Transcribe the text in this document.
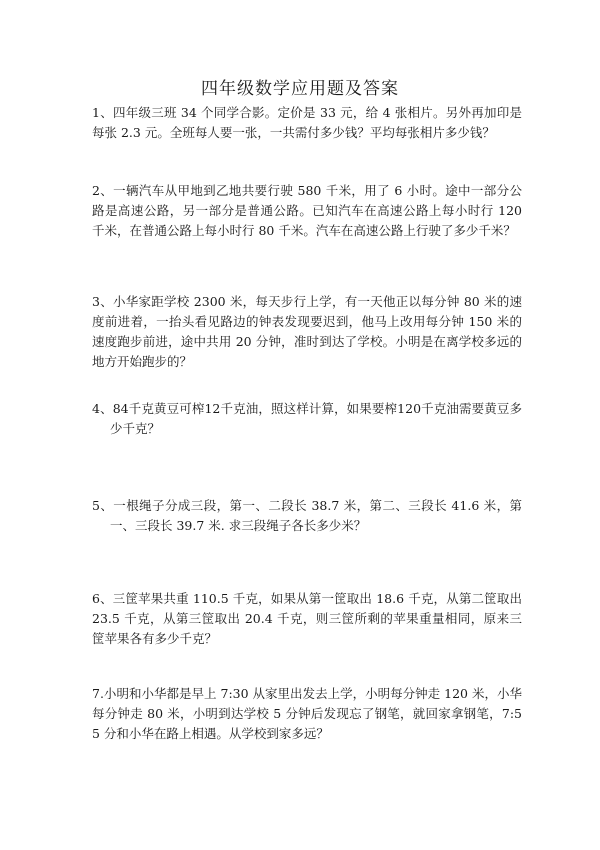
四年级数学应用题及答案
1、四年级三班 34 个同学合影。定价是 33 元，给 4 张相片。另外再加印是每张 2.3 元。全班每人要一张，一共需付多少钱？平均每张相片多少钱？
2、一辆汽车从甲地到乙地共要行驶 580 千米，用了 6 小时。途中一部分公路是高速公路，另一部分是普通公路。已知汽车在高速公路上每小时行 120 千米，在普通公路上每小时行 80 千米。汽车在高速公路上行驶了多少千米？
3、小华家距学校 2300 米，每天步行上学，有一天他正以每分钟 80 米的速度前进着，一抬头看见路边的钟表发现要迟到，他马上改用每分钟 150 米的速度跑步前进，途中共用 20 分钟，准时到达了学校。小明是在离学校多远的地方开始跑步的？
4、84千克黄豆可榨12千克油，照这样计算，如果要榨120千克油需要黄豆多少千克？
5、一根绳子分成三段，第一、二段长 38.7 米，第二、三段长 41.6 米，第一、三段长 39.7 米. 求三段绳子各长多少米？
6、三筐苹果共重 110.5 千克，如果从第一筐取出 18.6 千克，从第二筐取出 23.5 千克，从第三筐取出 20.4 千克，则三筐所剩的苹果重量相同，原来三筐苹果各有多少千克？
7.小明和小华都是早上 7:30 从家里出发去上学，小明每分钟走 120 米，小华每分钟走 80 米，小明到达学校 5 分钟后发现忘了钢笔，就回家拿钢笔，7:55 分和小华在路上相遇。从学校到家多远？
